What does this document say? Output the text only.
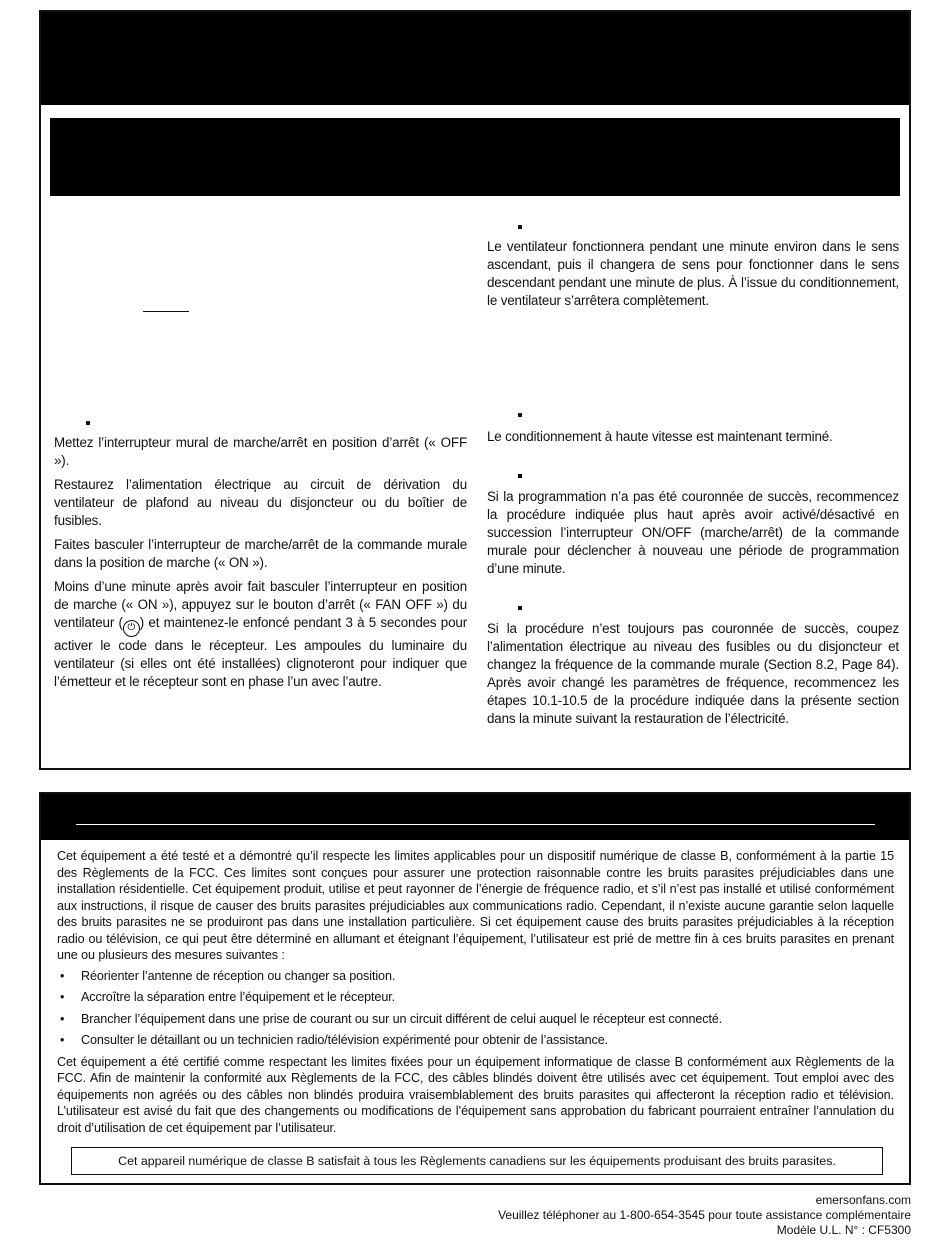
Mettez l’interrupteur mural de marche/arrêt en position d’arrêt (« OFF »).

Restaurez l’alimentation électrique au circuit de dérivation du ventilateur de plafond au niveau du disjoncteur ou du boîtier de fusibles.

Faites basculer l’interrupteur de marche/arrêt de la commande murale dans la position de marche (« ON »).

Moins d’une minute après avoir fait basculer l’interrupteur en position de marche (« ON »), appuyez sur le bouton d’arrêt (« FAN OFF ») du ventilateur ( ⏻ ) et maintenez-le enfoncé pendant 3 à 5 secondes pour activer le code dans le récepteur. Les ampoules du luminaire du ventilateur (si elles ont été installées) clignoteront pour indiquer que l’émetteur et le récepteur sont en phase l’un avec l’autre.

Le ventilateur fonctionnera pendant une minute environ dans le sens ascendant, puis il changera de sens pour fonctionner dans le sens descendant pendant une minute de plus. À l’issue du conditionnement, le ventilateur s’arrêtera complètement.
Le conditionnement à haute vitesse est maintenant terminé.
Si la programmation n’a pas été couronnée de succès, recommencez la procédure indiquée plus haut après avoir activé/désactivé en succession l’interrupteur ON/OFF (marche/arrêt) de la commande murale pour déclencher à nouveau une période de programmation d’une minute.
Si la procédure n’est toujours pas couronnée de succès, coupez l’alimentation électrique au niveau des fusibles ou du disjoncteur et changez la fréquence de la commande murale (Section 8.2, Page 84). Après avoir changé les paramètres de fréquence, recommencez les étapes 10.1-10.5 de la procédure indiquée dans la présente section dans la minute suivant la restauration de l’électricité.

Cet équipement a été testé et a démontré qu’il respecte les limites applicables pour un dispositif numérique de classe B, conformément à la partie 15 des Règlements de la FCC. Ces limites sont conçues pour assurer une protection raisonnable contre les bruits parasites préjudiciables dans une installation résidentielle. Cet équipement produit, utilise et peut rayonner de l’énergie de fréquence radio, et s’il n’est pas installé et utilisé conformément aux instructions, il risque de causer des bruits parasites préjudiciables aux communications radio. Cependant, il n’existe aucune garantie selon laquelle des bruits parasites ne se produiront pas dans une installation particulière. Si cet équipement cause des bruits parasites préjudiciables à la réception radio ou télévision, ce qui peut être déterminé en allumant et éteignant l’équipement, l’utilisateur est prié de mettre fin à ces bruits parasites en prenant une ou plusieurs des mesures suivantes :

• Réorienter l’antenne de réception ou changer sa position.
• Accroître la séparation entre l’équipement et le récepteur.
• Brancher l’équipement dans une prise de courant ou sur un circuit différent de celui auquel le récepteur est connecté.
• Consulter le détaillant ou un technicien radio/télévision expérimenté pour obtenir de l’assistance.

Cet équipement a été certifié comme respectant les limites fixées pour un équipement informatique de classe B conformément aux Règlements de la FCC. Afin de maintenir la conformité aux Règlements de la FCC, des câbles blindés doivent être utilisés avec cet équipement. Tout emploi avec des équipements non agréés ou des câbles non blindés produira vraisemblablement des bruits parasites qui affecteront la réception radio et télévision. L’utilisateur est avisé du fait que des changements ou modifications de l’équipement sans approbation du fabricant pourraient entraîner l’annulation du droit d’utilisation de cet équipement par l’utilisateur.

Cet appareil numérique de classe B satisfait à tous les Règlements canadiens sur les équipements produisant des bruits parasites.
emersonfans.com
Veuillez téléphoner au 1-800-654-3545 pour toute assistance complémentaire
Modèle U.L. N° : CF5300
